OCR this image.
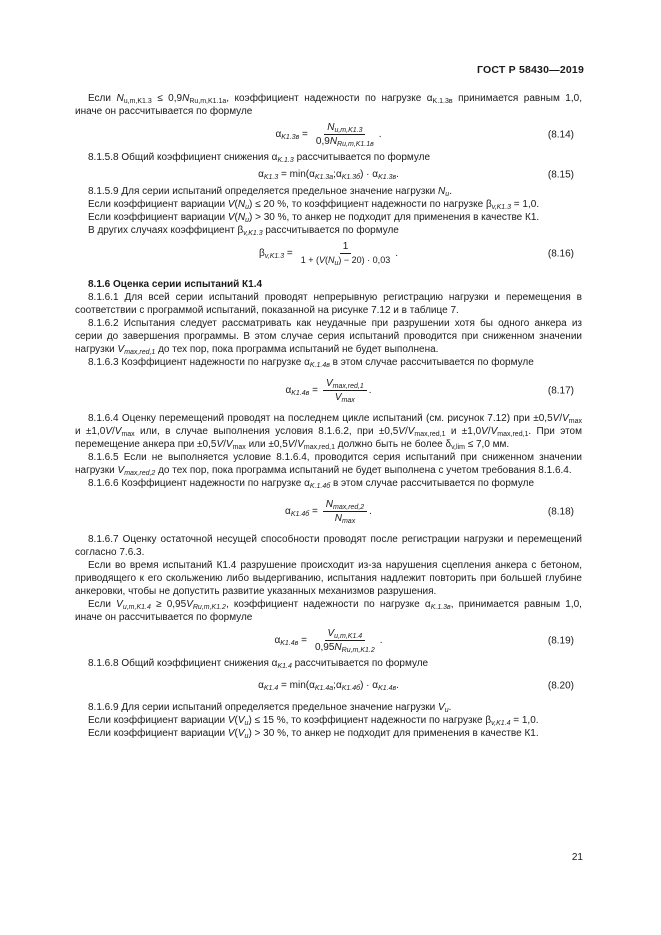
ГОСТ Р 58430—2019

Если $N_{u,m,K1.3} \le 0,9N_{Ru,m,K1.1a}$, коэффициент надежности по нагрузке $\alpha_{K.1.3в}$ принимается равным 1,0, иначе он рассчитывается по формуле

$\alpha_{K1.3в} = \frac{N_{u,m,K1.3}}{0,9N_{Ru,m,K1.1в}}$ .	(8.14)

8.1.5.8 Общий коэффициент снижения $\alpha_{K.1.3}$ рассчитывается по формуле

$\alpha_{K1.3}$ = $\min(\alpha_{K1.3a};\alpha_{K1.3б}) \cdot \alpha_{K1.3в}$.	(8.15)

8.1.5.9 Для серии испытаний определяется предельное значение нагрузки $N_u$.

Если коэффициент вариации $V(N_u) \le 20$ %, то коэффициент надежности по нагрузке $\beta_{v,K1.3} = 1,0$.

Если коэффициент вариации $V(N_u) > 30$ %, то анкер не подходит для применения в качестве К1.

В других случаях коэффициент $\beta_{v,K1.3}$ рассчитывается по формуле

$\beta_{v,K1.3} = \frac{1}{1 + (V(N_u) - 20) \cdot 0,03}$ .	(8.16)

8.1.6 Оценка серии испытаний К1.4

8.1.6.1 Для всей серии испытаний проводят непрерывную регистрацию нагрузки и перемещения в соответствии с программой испытаний, показанной на рисунке 7.12 и в таблице 7.

8.1.6.2 Испытания следует рассматривать как неудачные при разрушении хотя бы одного анкера из серии до завершения программы. В этом случае серия испытаний проводится при сниженном значении нагрузки $V_{max,red,1}$ до тех пор, пока программа испытаний не будет выполнена.

8.1.6.3 Коэффициент надежности по нагрузке $\alpha_{K.1.4в}$ в этом случае рассчитывается по формуле

$\alpha_{K1.4в} = \frac{V_{max,red,1}}{V_{max}}$ .	(8.17)

8.1.6.4 Оценку перемещений проводят на последнем цикле испытаний (см. рисунок 7.12) при $\pm 0,5V/V_{max}$ $и \pm 1,0V/V_{max}$ или, в случае выполнения условия 8.1.6.2, при $\pm 0,5V/V_{max,red,1}$ $и \pm 1,0V/V_{max,red,1}$. При этом перемещение анкера при $\pm 0,5V/V_{max}$ или $\pm 0,5V/V_{max,red,1}$ должно быть не более $\delta_{v,lim} \le 7,0$ мм.

8.1.6.5 Если не выполняется условие 8.1.6.4, проводится серия испытаний при сниженном значении нагрузки $V_{max,red,2}$ до тех пор, пока программа испытаний не будет выполнена с учетом требования 8.1.6.4.

8.1.6.6 Коэффициент надежности по нагрузке $\alpha_{K.1.4б}$ в этом случае рассчитывается по формуле

$\alpha_{K1.4б} = \frac{N_{max,red,2}}{N_{max}}$ .	(8.18)

8.1.6.7 Оценку остаточной несущей способности проводят после регистрации нагрузки и перемещений согласно 7.6.3.

Если во время испытаний К1.4 разрушение происходит из-за нарушения сцепления анкера с бетоном, приводящего к его скольжению либо выдергиванию, испытания надлежит повторить при большей глубине анкеровки, чтобы не допустить развитие указанных механизмов разрушения.

Если $V_{u,m,K1.4} \ge 0,95V_{Ru,m,K1.2}$, коэффициент надежности по нагрузке $\alpha_{K.1.3в}$, принимается равным 1,0, иначе он рассчитывается по формуле

$\alpha_{K1.4в} = \frac{V_{u,m,K1.4}}{0,95N_{Ru,m,K1.2}}$ .	(8.19)

8.1.6.8 Общий коэффициент снижения $\alpha_{K1.4}$ рассчитывается по формуле

$\alpha_{K1.4}$ = $\min(\alpha_{K1.4а};\alpha_{K1.4б}) \cdot \alpha_{K1.4в}$.	(8.20)

8.1.6.9 Для серии испытаний определяется предельное значение нагрузки $V_u$.

Если коэффициент вариации $V(V_u) \le 15$ %, то коэффициент надежности по нагрузке $\beta_{v,K1.4} = 1,0$.

Если коэффициент вариации $V(V_u) > 30$ %, то анкер не подходит для применения в качестве К1.

21
